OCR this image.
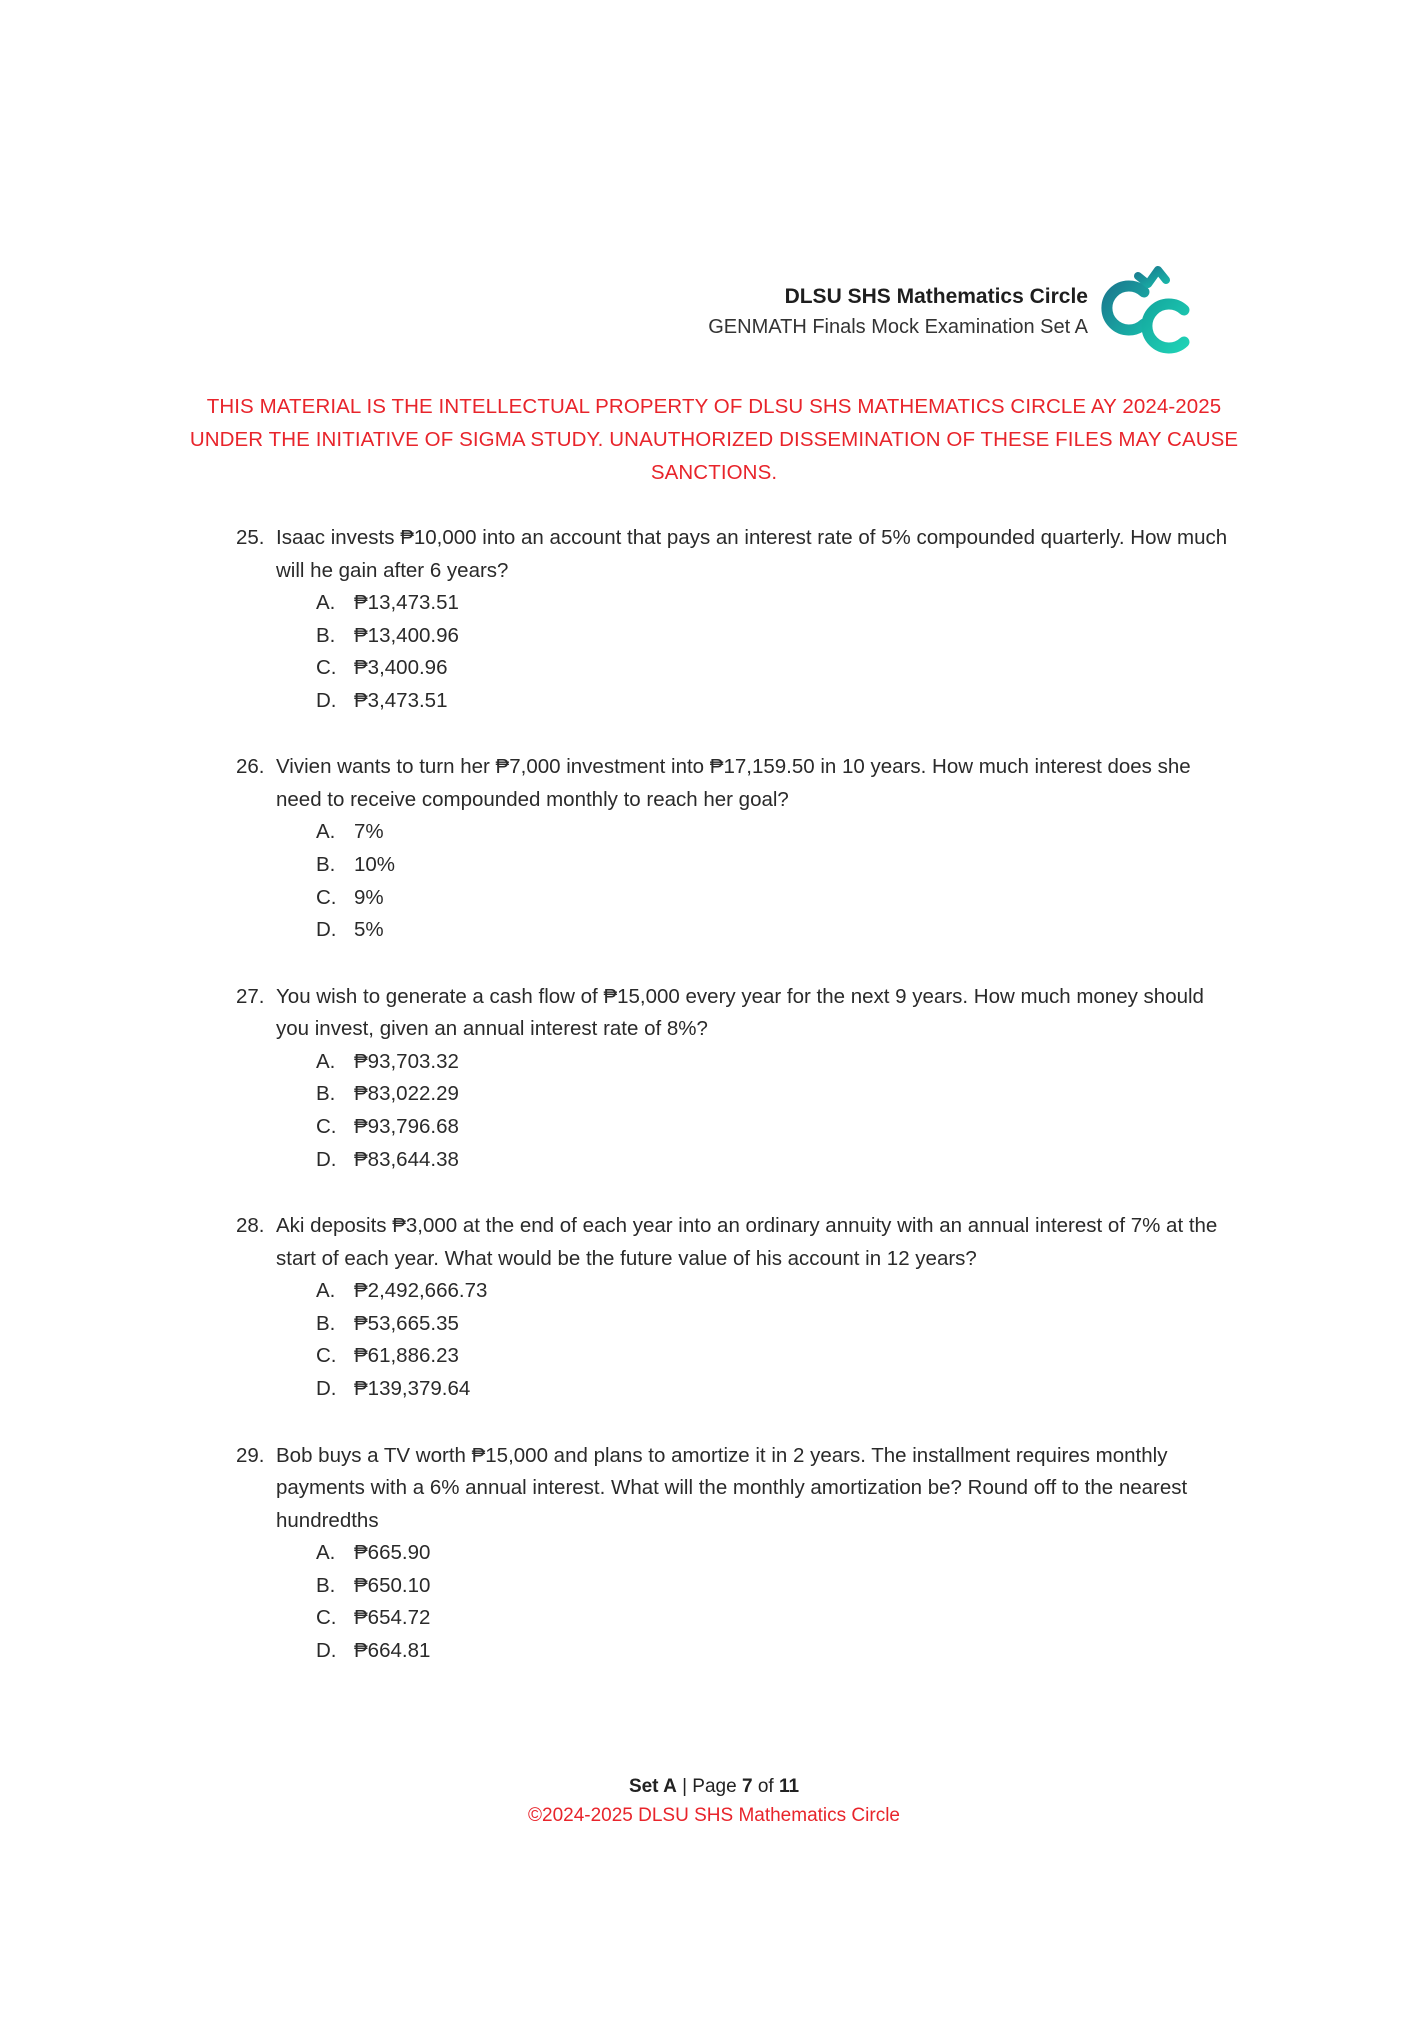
DLSU SHS Mathematics Circle
GENMATH Finals Mock Examination Set A
THIS MATERIAL IS THE INTELLECTUAL PROPERTY OF DLSU SHS MATHEMATICS CIRCLE AY 2024-2025
UNDER THE INITIATIVE OF SIGMA STUDY. UNAUTHORIZED DISSEMINATION OF THESE FILES MAY CAUSE
SANCTIONS.
25. Isaac invests ₱10,000 into an account that pays an interest rate of 5% compounded quarterly. How much will he gain after 6 years?
A. ₱13,473.51
B. ₱13,400.96
C. ₱3,400.96
D. ₱3,473.51
26. Vivien wants to turn her ₱7,000 investment into ₱17,159.50 in 10 years. How much interest does she need to receive compounded monthly to reach her goal?
A. 7%
B. 10%
C. 9%
D. 5%
27. You wish to generate a cash flow of ₱15,000 every year for the next 9 years. How much money should you invest, given an annual interest rate of 8%?
A. ₱93,703.32
B. ₱83,022.29
C. ₱93,796.68
D. ₱83,644.38
28. Aki deposits ₱3,000 at the end of each year into an ordinary annuity with an annual interest of 7% at the start of each year. What would be the future value of his account in 12 years?
A. ₱2,492,666.73
B. ₱53,665.35
C. ₱61,886.23
D. ₱139,379.64
29. Bob buys a TV worth ₱15,000 and plans to amortize it in 2 years. The installment requires monthly payments with a 6% annual interest. What will the monthly amortization be? Round off to the nearest hundredths
A. ₱665.90
B. ₱650.10
C. ₱654.72
D. ₱664.81
Set A | Page 7 of 11
©2024-2025 DLSU SHS Mathematics Circle
